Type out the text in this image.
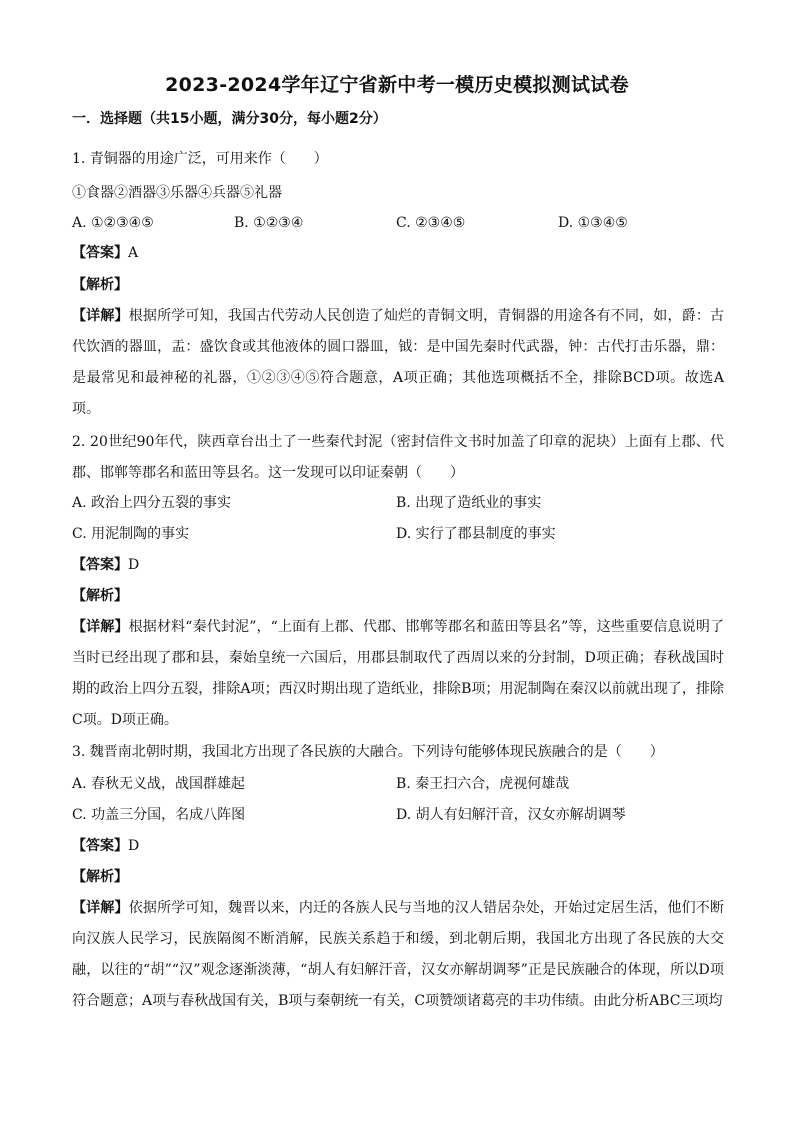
2023-2024学年辽宁省新中考一模历史模拟测试试卷
一．选择题（共15小题，满分30分，每小题2分）
1. 青铜器的用途广泛，可用来作（　　）
①食器②酒器③乐器④兵器⑤礼器
A. ①②③④⑤	B. ①②③④	C. ②③④⑤	D. ①③④⑤
【答案】A
【解析】
【详解】根据所学可知，我国古代劳动人民创造了灿烂的青铜文明，青铜器的用途各有不同，如，爵：古代饮酒的器皿，盂：盛饮食或其他液体的圆口器皿，钺：是中国先秦时代武器，钟：古代打击乐器，鼎：是最常见和最神秘的礼器，①②③④⑤符合题意，A项正确；其他选项概括不全，排除BCD项。故选A项。
2. 20世纪90年代，陕西章台出土了一些秦代封泥（密封信件文书时加盖了印章的泥块）上面有上郡、代郡、邯郸等郡名和蓝田等县名。这一发现可以印证秦朝（　　）
A. 政治上四分五裂的事实	B. 出现了造纸业的事实
C. 用泥制陶的事实	D. 实行了郡县制度的事实
【答案】D
【解析】
【详解】根据材料“秦代封泥”，“上面有上郡、代郡、邯郸等郡名和蓝田等县名”等，这些重要信息说明了当时已经出现了郡和县，秦始皇统一六国后，用郡县制取代了西周以来的分封制，D项正确；春秋战国时期的政治上四分五裂，排除A项；西汉时期出现了造纸业，排除B项；用泥制陶在秦汉以前就出现了，排除C项。D项正确。
3. 魏晋南北朝时期，我国北方出现了各民族的大融合。下列诗句能够体现民族融合的是（　　）
A. 春秋无义战，战国群雄起	B. 秦王扫六合，虎视何雄哉
C. 功盖三分国，名成八阵图	D. 胡人有妇解汗音，汉女亦解胡调琴
【答案】D
【解析】
【详解】依据所学可知，魏晋以来，内迁的各族人民与当地的汉人错居杂处，开始过定居生活，他们不断向汉族人民学习，民族隔阂不断消解，民族关系趋于和缓，到北朝后期，我国北方出现了各民族的大交融，以往的“胡”“汉”观念逐渐淡薄，“胡人有妇解汗音，汉女亦解胡调琴”正是民族融合的体现，所以D项符合题意；A项与春秋战国有关，B项与秦朝统一有关，C项赞颂诸葛亮的丰功伟绩。由此分析ABC三项均
